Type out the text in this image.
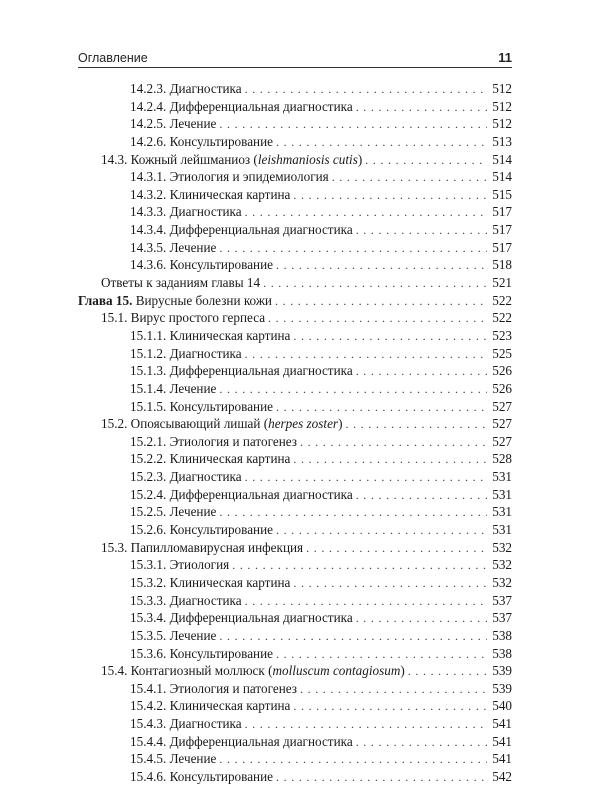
Оглавление	11
14.2.3. Диагностика . . .	512
14.2.4. Дифференциальная диагностика . . .	512
14.2.5. Лечение . . .	512
14.2.6. Консультирование . . .	513
14.3. Кожный лейшманиоз (leishmaniosis cutis) . . .	514
14.3.1. Этиология и эпидемиология . . .	514
14.3.2. Клиническая картина . . .	515
14.3.3. Диагностика . . .	517
14.3.4. Дифференциальная диагностика . . .	517
14.3.5. Лечение . . .	517
14.3.6. Консультирование . . .	518
Ответы к заданиям главы 14 . . .	521
Глава 15. Вирусные болезни кожи . . .	522
15.1. Вирус простого герпеса . . .	522
15.1.1. Клиническая картина . . .	523
15.1.2. Диагностика . . .	525
15.1.3. Дифференциальная диагностика . . .	526
15.1.4. Лечение . . .	526
15.1.5. Консультирование . . .	527
15.2. Опоясывающий лишай (herpes zoster) . . .	527
15.2.1. Этиология и патогенез . . .	527
15.2.2. Клиническая картина . . .	528
15.2.3. Диагностика . . .	531
15.2.4. Дифференциальная диагностика . . .	531
15.2.5. Лечение . . .	531
15.2.6. Консультирование . . .	531
15.3. Папилломавирусная инфекция . . .	532
15.3.1. Этиология . . .	532
15.3.2. Клиническая картина . . .	532
15.3.3. Диагностика . . .	537
15.3.4. Дифференциальная диагностика . . .	537
15.3.5. Лечение . . .	538
15.3.6. Консультирование . . .	538
15.4. Контагиозный моллюск (molluscum contagiosum) . . .	539
15.4.1. Этиология и патогенез . . .	539
15.4.2. Клиническая картина . . .	540
15.4.3. Диагностика . . .	541
15.4.4. Дифференциальная диагностика . . .	541
15.4.5. Лечение . . .	541
15.4.6. Консультирование . . .	542
